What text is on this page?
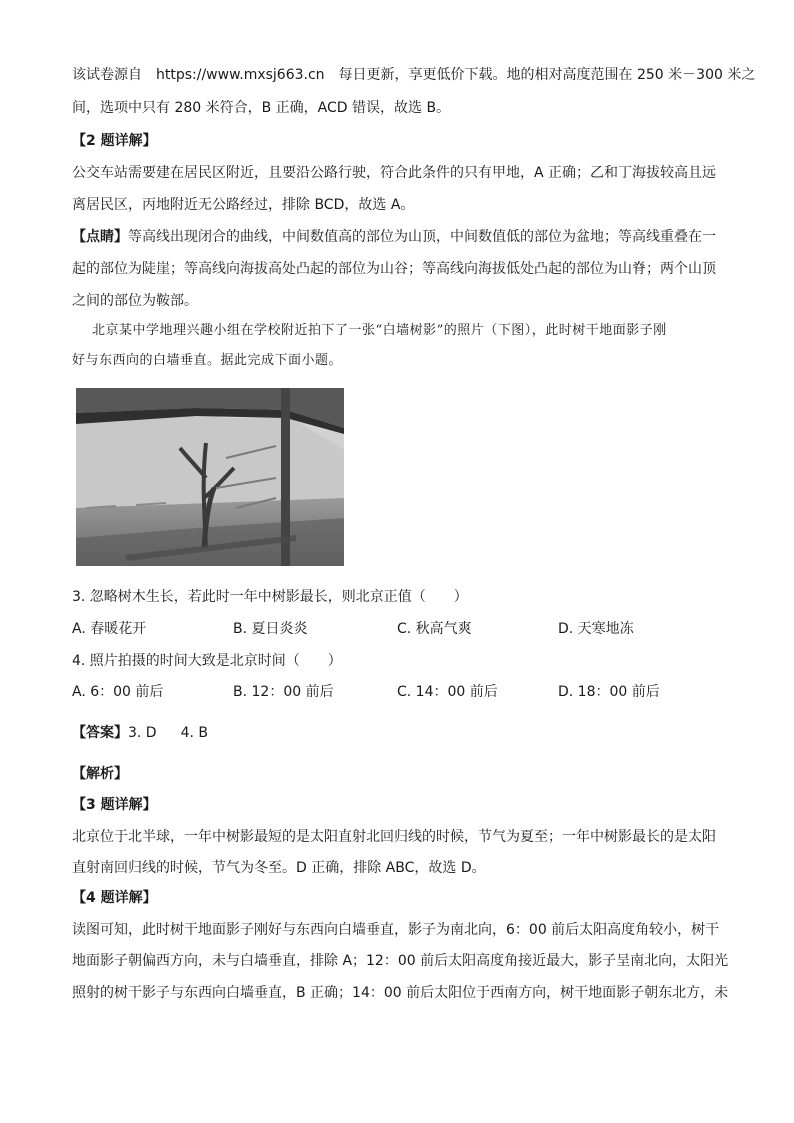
该试卷源自　https://www.mxsj663.cn　每日更新，享更低价下载。地的相对高度范围在 250 米－300 米之
间，选项中只有 280 米符合，B 正确，ACD 错误，故选 B。
【2 题详解】
公交车站需要建在居民区附近，且要沿公路行驶，符合此条件的只有甲地，A 正确；乙和丁海拔较高且远
离居民区，丙地附近无公路经过，排除 BCD，故选 A。
【点睛】等高线出现闭合的曲线，中间数值高的部位为山顶，中间数值低的部位为盆地；等高线重叠在一
起的部位为陡崖；等高线向海拔高处凸起的部位为山谷；等高线向海拔低处凸起的部位为山脊；两个山顶
之间的部位为鞍部。
北京某中学地理兴趣小组在学校附近拍下了一张“白墙树影”的照片（下图），此时树干地面影子刚
好与东西向的白墙垂直。据此完成下面小题。
3. 忽略树木生长，若此时一年中树影最长，则北京正值（　　）
A. 春暖花开	B. 夏日炎炎	C. 秋高气爽	D. 天寒地冻
4. 照片拍摄的时间大致是北京时间（　　）
A. 6：00 前后	B. 12：00 前后	C. 14：00 前后	D. 18：00 前后
【答案】3. D 4. B
【解析】
【3 题详解】
北京位于北半球，一年中树影最短的是太阳直射北回归线的时候，节气为夏至；一年中树影最长的是太阳
直射南回归线的时候，节气为冬至。D 正确，排除 ABC，故选 D。
【4 题详解】
读图可知，此时树干地面影子刚好与东西向白墙垂直，影子为南北向，6：00 前后太阳高度角较小，树干
地面影子朝偏西方向，未与白墙垂直，排除 A；12：00 前后太阳高度角接近最大，影子呈南北向，太阳光
照射的树干影子与东西向白墙垂直，B 正确；14：00 前后太阳位于西南方向，树干地面影子朝东北方，未
